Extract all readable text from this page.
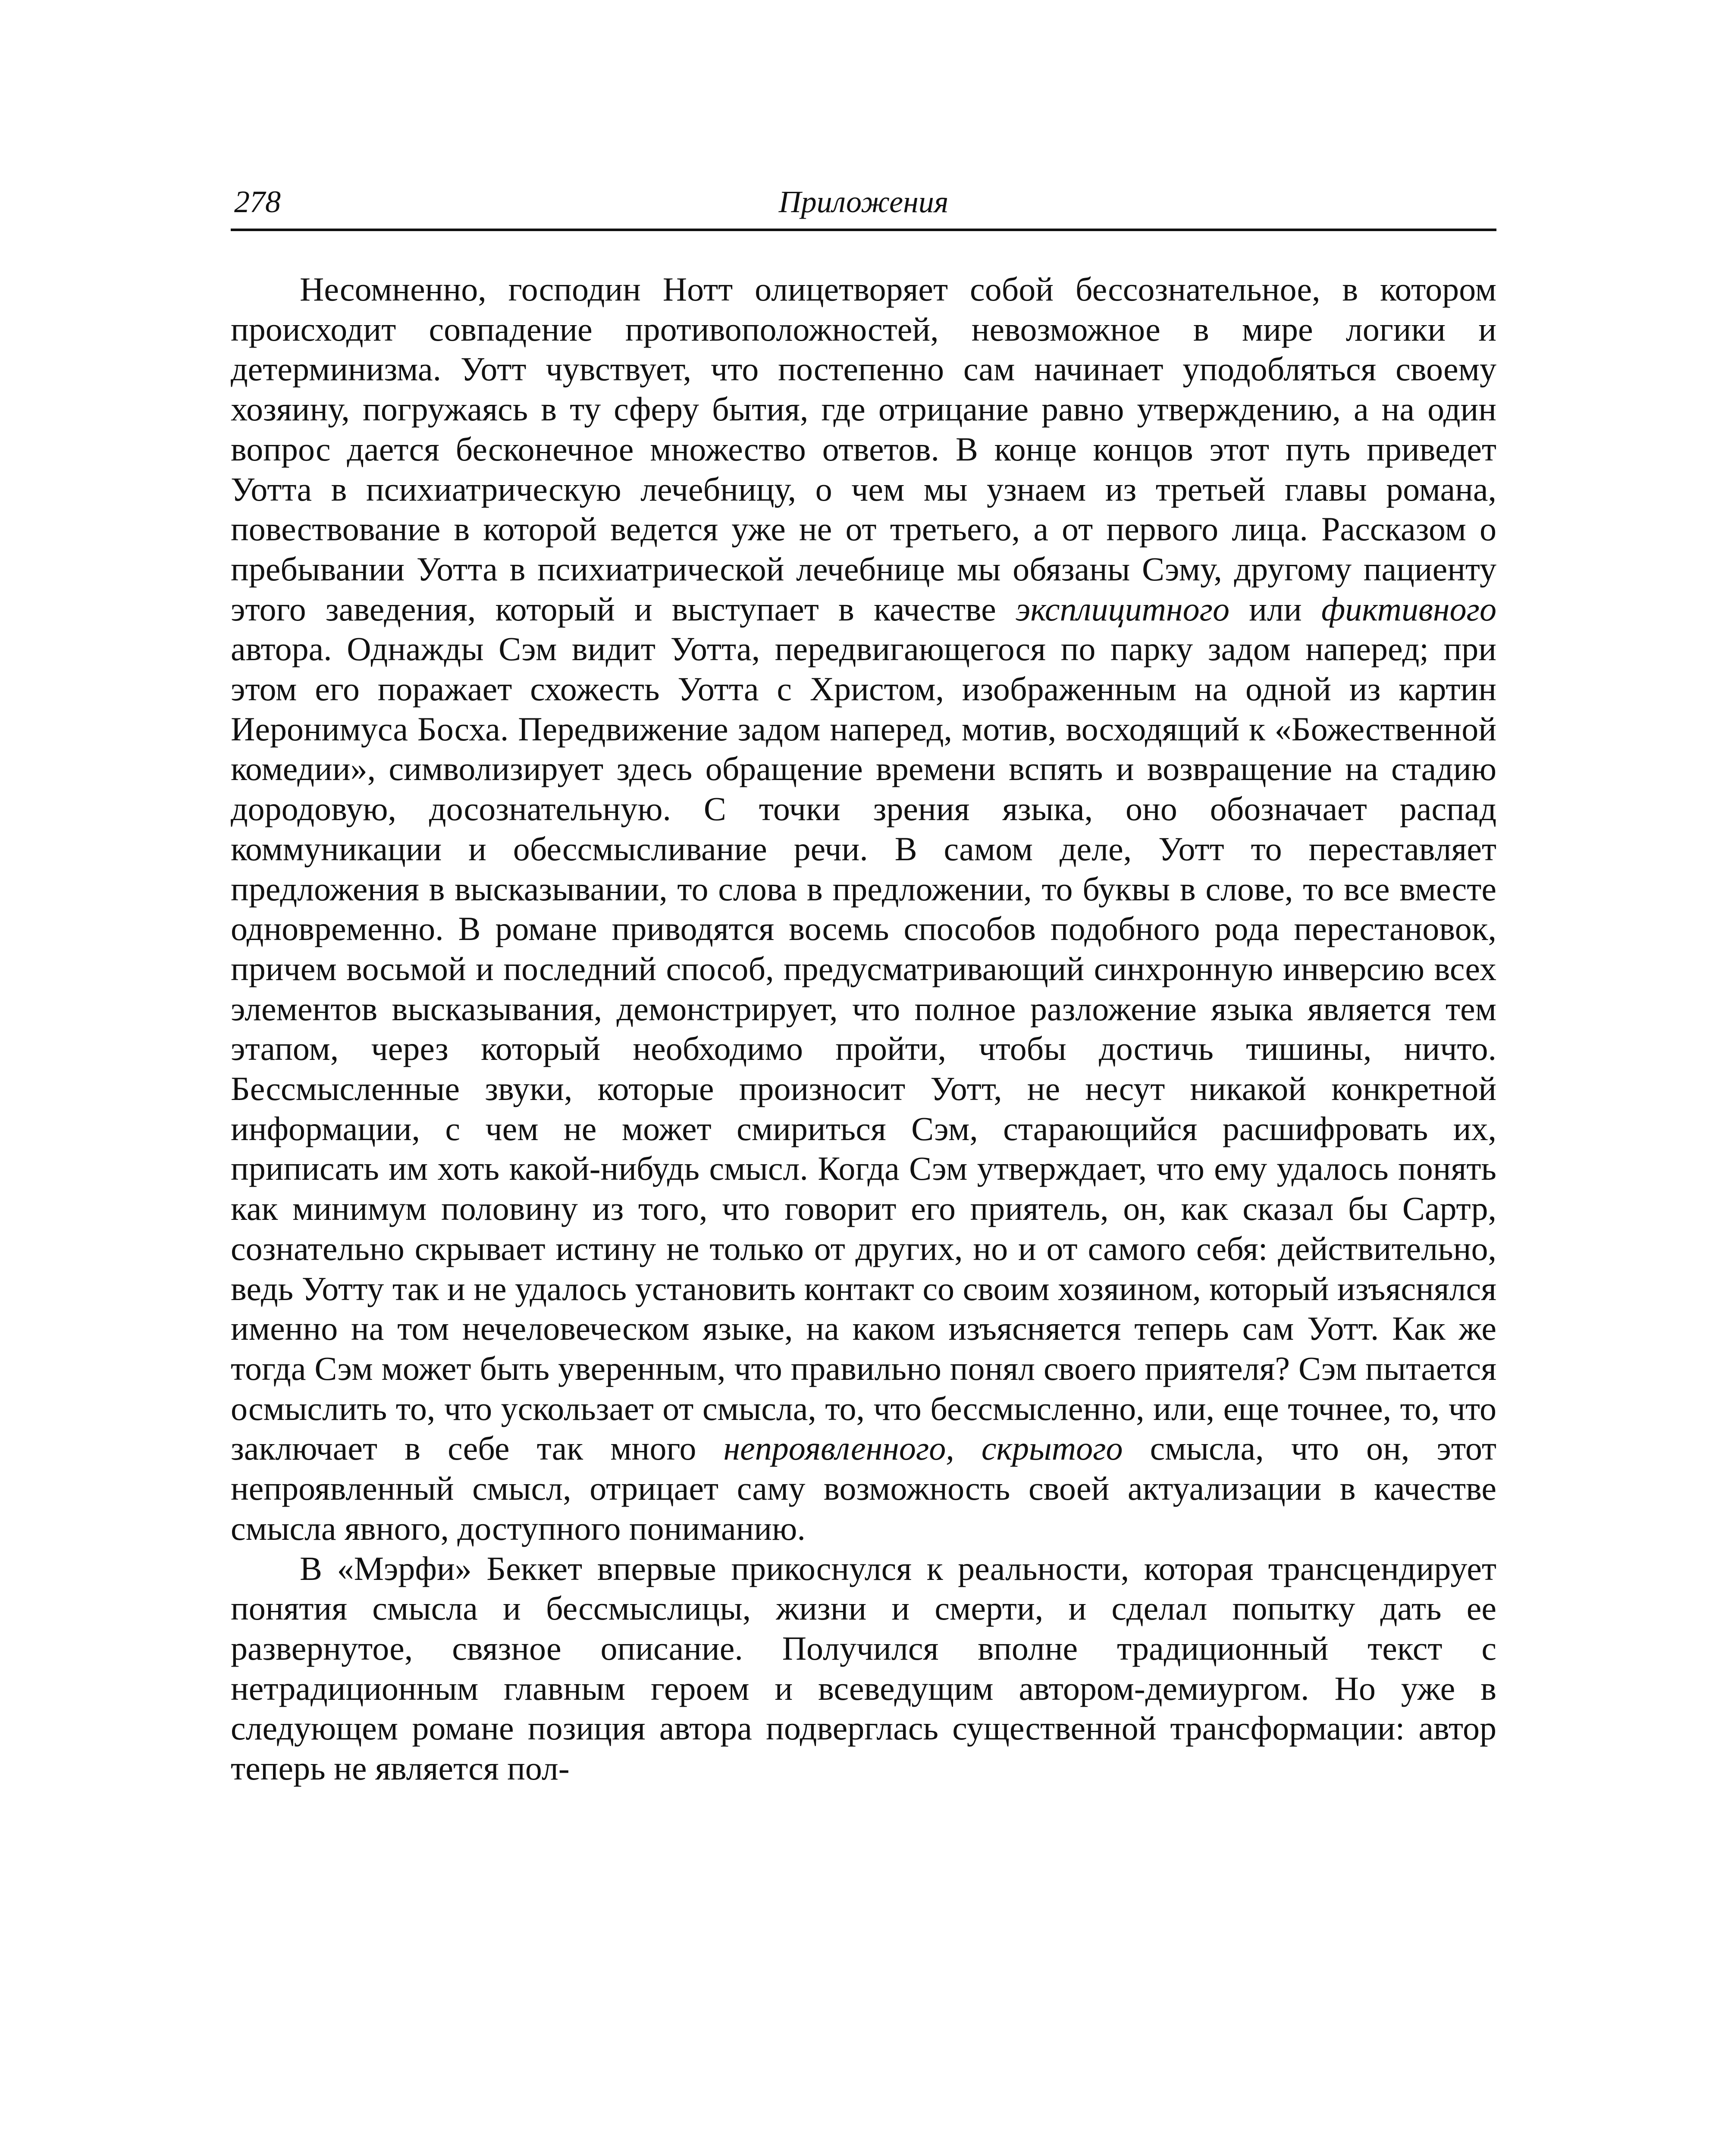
278	Приложения

Несомненно, господин Нотт олицетворяет собой бессознательное, в котором происходит совпадение противоположностей, невозможное в мире логики и детерминизма. Уотт чувствует, что постепенно сам начинает уподобляться своему хозяину, погружаясь в ту сферу бытия, где отрицание равно утверждению, а на один вопрос дается бесконечное множество ответов. В конце концов этот путь приведет Уотта в психиатрическую лечебницу, о чем мы узнаем из третьей главы романа, повествование в которой ведется уже не от третьего, а от первого лица. Рассказом о пребывании Уотта в психиатрической лечебнице мы обязаны Сэму, другому пациенту этого заведения, который и выступает в качестве эксплицитного или фиктивного автора. Однажды Сэм видит Уотта, передвигающегося по парку задом наперед; при этом его поражает схожесть Уотта с Христом, изображенным на одной из картин Иеронимуса Босха. Передвижение задом наперед, мотив, восходящий к «Божественной комедии», символизирует здесь обращение времени вспять и возвращение на стадию дородовую, досознательную. С точки зрения языка, оно обозначает распад коммуникации и обессмысливание речи. В самом деле, Уотт то переставляет предложения в высказывании, то слова в предложении, то буквы в слове, то все вместе одновременно. В романе приводятся восемь способов подобного рода перестановок, причем восьмой и последний способ, предусматривающий синхронную инверсию всех элементов высказывания, демонстрирует, что полное разложение языка является тем этапом, через который необходимо пройти, чтобы достичь тишины, ничто. Бессмысленные звуки, которые произносит Уотт, не несут никакой конкретной информации, с чем не может смириться Сэм, старающийся расшифровать их, приписать им хоть какой-нибудь смысл. Когда Сэм утверждает, что ему удалось понять как минимум половину из того, что говорит его приятель, он, как сказал бы Сартр, сознательно скрывает истину не только от других, но и от самого себя: действительно, ведь Уотту так и не удалось установить контакт со своим хозяином, который изъяснялся именно на том нечеловеческом языке, на каком изъясняется теперь сам Уотт. Как же тогда Сэм может быть уверенным, что правильно понял своего приятеля? Сэм пытается осмыслить то, что ускользает от смысла, то, что бессмысленно, или, еще точнее, то, что заключает в себе так много непроявленного, скрытого смысла, что он, этот непроявленный смысл, отрицает саму возможность своей актуализации в качестве смысла явного, доступного пониманию.

В «Мэрфи» Беккет впервые прикоснулся к реальности, которая трансцендирует понятия смысла и бессмыслицы, жизни и смерти, и сделал попытку дать ее развернутое, связное описание. Получился вполне традиционный текст с нетрадиционным главным героем и всеведущим автором-демиургом. Но уже в следующем романе позиция автора подверглась существенной трансформации: автор теперь не является пол-
